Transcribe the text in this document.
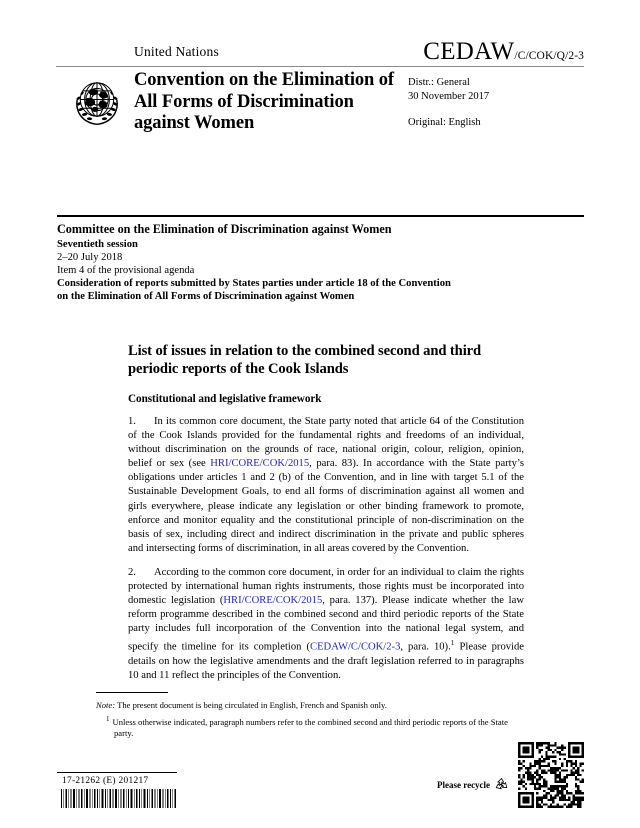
United Nations	CEDAW/C/COK/Q/2-3
Convention on the Elimination of All Forms of Discrimination against Women
Distr.: General
30 November 2017
Original: English
Committee on the Elimination of Discrimination against Women
Seventieth session
2–20 July 2018
Item 4 of the provisional agenda
Consideration of reports submitted by States parties under article 18 of the Convention on the Elimination of All Forms of Discrimination against Women
List of issues in relation to the combined second and third periodic reports of the Cook Islands
Constitutional and legislative framework
1. In its common core document, the State party noted that article 64 of the Constitution of the Cook Islands provided for the fundamental rights and freedoms of an individual, without discrimination on the grounds of race, national origin, colour, religion, opinion, belief or sex (see HRI/CORE/COK/2015, para. 83). In accordance with the State party’s obligations under articles 1 and 2 (b) of the Convention, and in line with target 5.1 of the Sustainable Development Goals, to end all forms of discrimination against all women and girls everywhere, please indicate any legislation or other binding framework to promote, enforce and monitor equality and the constitutional principle of non-discrimination on the basis of sex, including direct and indirect discrimination in the private and public spheres and intersecting forms of discrimination, in all areas covered by the Convention.
2. According to the common core document, in order for an individual to claim the rights protected by international human rights instruments, those rights must be incorporated into domestic legislation (HRI/CORE/COK/2015, para. 137). Please indicate whether the law reform programme described in the combined second and third periodic reports of the State party includes full incorporation of the Convention into the national legal system, and specify the timeline for its completion (CEDAW/C/COK/2-3, para. 10).$^1$ Please provide details on how the legislative amendments and the draft legislation referred to in paragraphs 10 and 11 reflect the principles of the Convention.
Note: The present document is being circulated in English, French and Spanish only.
$^1$ Unless otherwise indicated, paragraph numbers refer to the combined second and third periodic reports of the State party.
17-21262 (E) 201217	Please recycle
